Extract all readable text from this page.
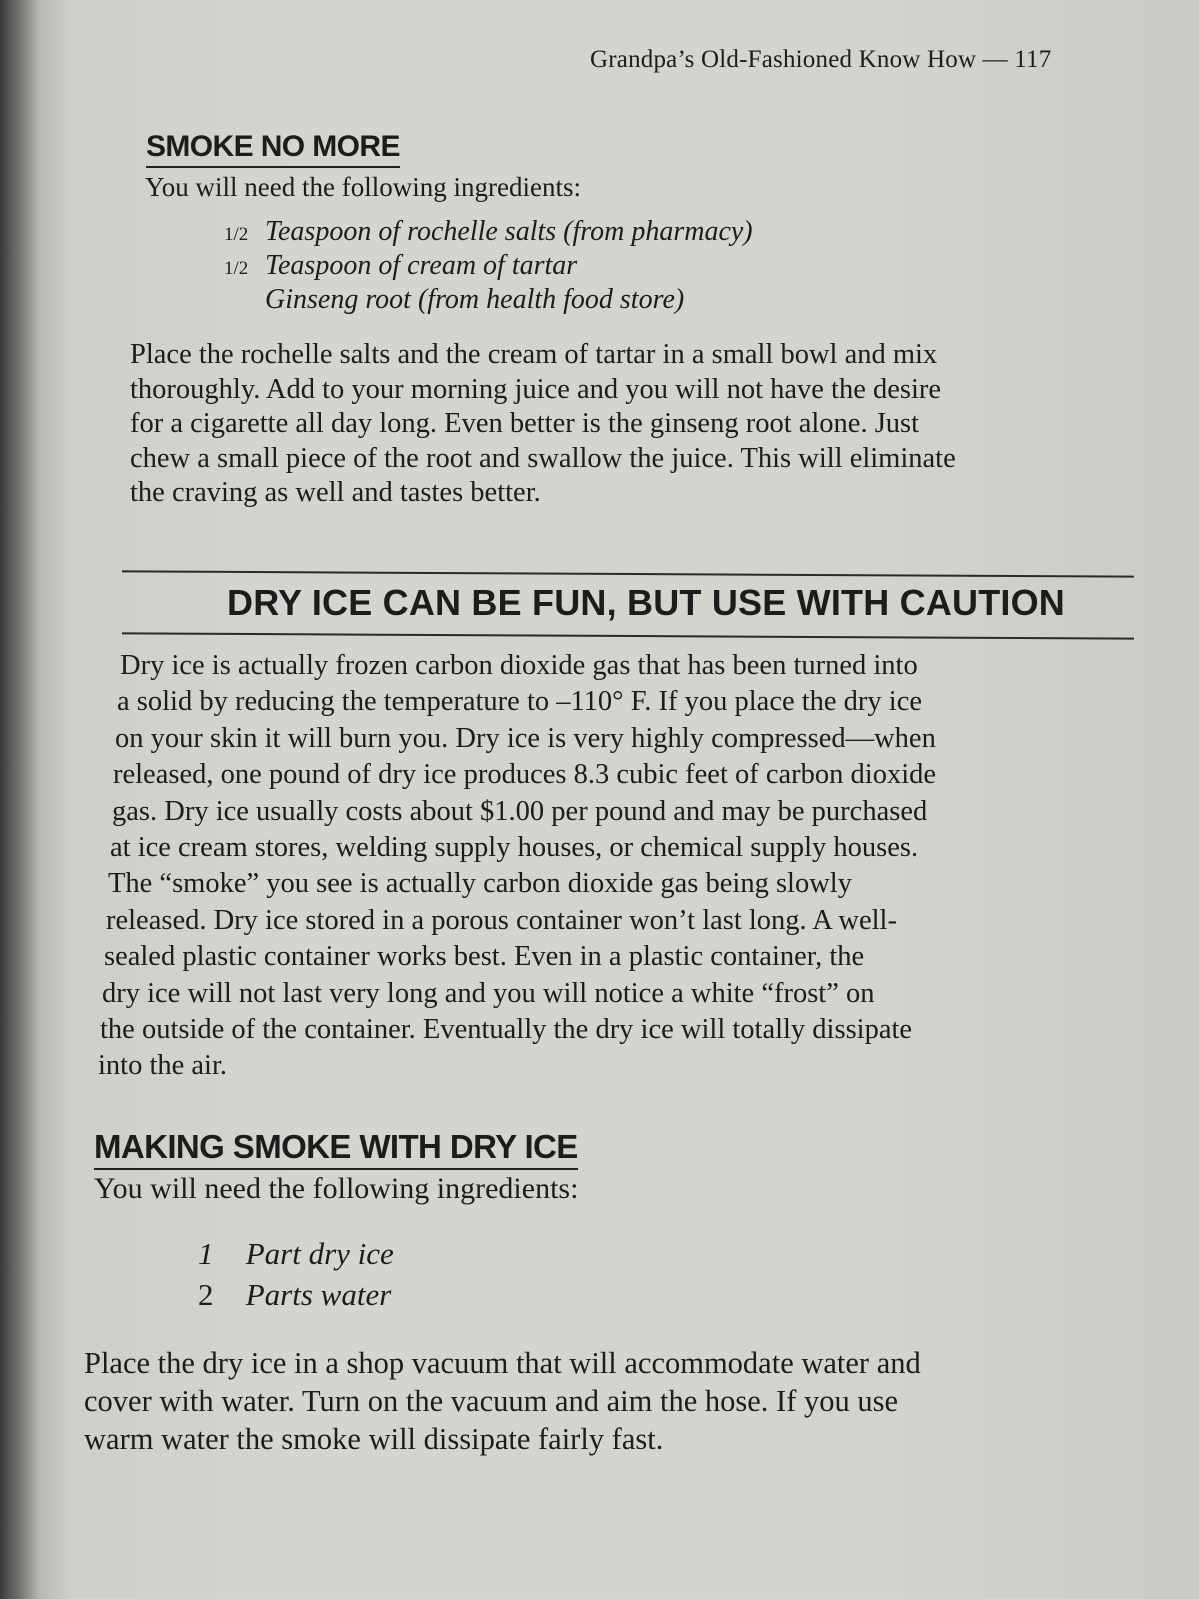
Grandpa’s Old-Fashioned Know How — 117
SMOKE NO MORE
You will need the following ingredients:
1/2 Teaspoon of rochelle salts (from pharmacy)
1/2 Teaspoon of cream of tartar
Ginseng root (from health food store)
Place the rochelle salts and the cream of tartar in a small bowl and mix
thoroughly. Add to your morning juice and you will not have the desire
for a cigarette all day long. Even better is the ginseng root alone. Just
chew a small piece of the root and swallow the juice. This will eliminate
the craving as well and tastes better.
DRY ICE CAN BE FUN, BUT USE WITH CAUTION
Dry ice is actually frozen carbon dioxide gas that has been turned into
a solid by reducing the temperature to –110° F. If you place the dry ice
on your skin it will burn you. Dry ice is very highly compressed—when
released, one pound of dry ice produces 8.3 cubic feet of carbon dioxide
gas. Dry ice usually costs about $1.00 per pound and may be purchased
at ice cream stores, welding supply houses, or chemical supply houses.
The “smoke” you see is actually carbon dioxide gas being slowly
released. Dry ice stored in a porous container won’t last long. A well-
sealed plastic container works best. Even in a plastic container, the
dry ice will not last very long and you will notice a white “frost” on
the outside of the container. Eventually the dry ice will totally dissipate
into the air.
MAKING SMOKE WITH DRY ICE
You will need the following ingredients:
1 Part dry ice
2 Parts water
Place the dry ice in a shop vacuum that will accommodate water and
cover with water. Turn on the vacuum and aim the hose. If you use
warm water the smoke will dissipate fairly fast.
